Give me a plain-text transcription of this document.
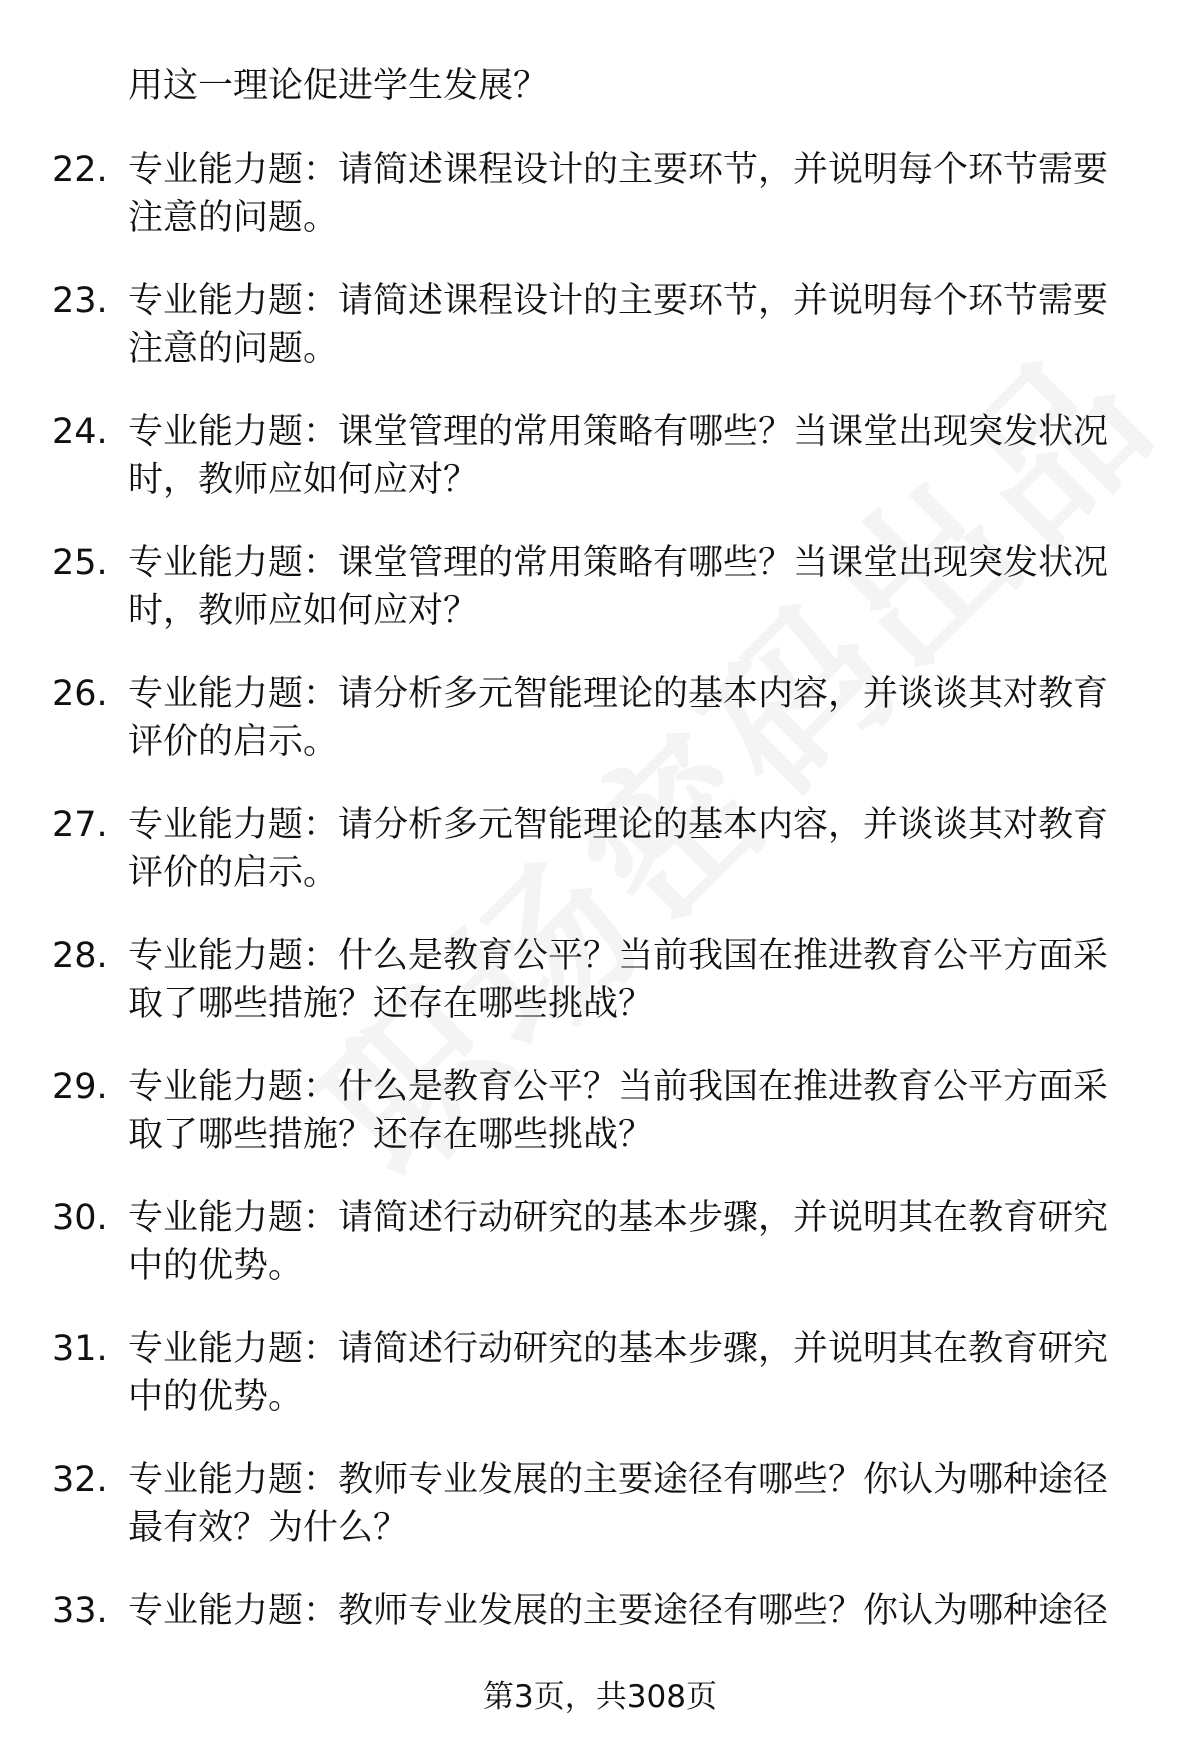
用这一理论促进学生发展？
22. 专业能力题：请简述课程设计的主要环节，并说明每个环节需要注意的问题。
23. 专业能力题：请简述课程设计的主要环节，并说明每个环节需要注意的问题。
24. 专业能力题：课堂管理的常用策略有哪些？当课堂出现突发状况时，教师应如何应对？
25. 专业能力题：课堂管理的常用策略有哪些？当课堂出现突发状况时，教师应如何应对？
26. 专业能力题：请分析多元智能理论的基本内容，并谈谈其对教育评价的启示。
27. 专业能力题：请分析多元智能理论的基本内容，并谈谈其对教育评价的启示。
28. 专业能力题：什么是教育公平？当前我国在推进教育公平方面采取了哪些措施？还存在哪些挑战？
29. 专业能力题：什么是教育公平？当前我国在推进教育公平方面采取了哪些措施？还存在哪些挑战？
30. 专业能力题：请简述行动研究的基本步骤，并说明其在教育研究中的优势。
31. 专业能力题：请简述行动研究的基本步骤，并说明其在教育研究中的优势。
32. 专业能力题：教师专业发展的主要途径有哪些？你认为哪种途径最有效？为什么？
33. 专业能力题：教师专业发展的主要途径有哪些？你认为哪种途径
第3页，共308页
